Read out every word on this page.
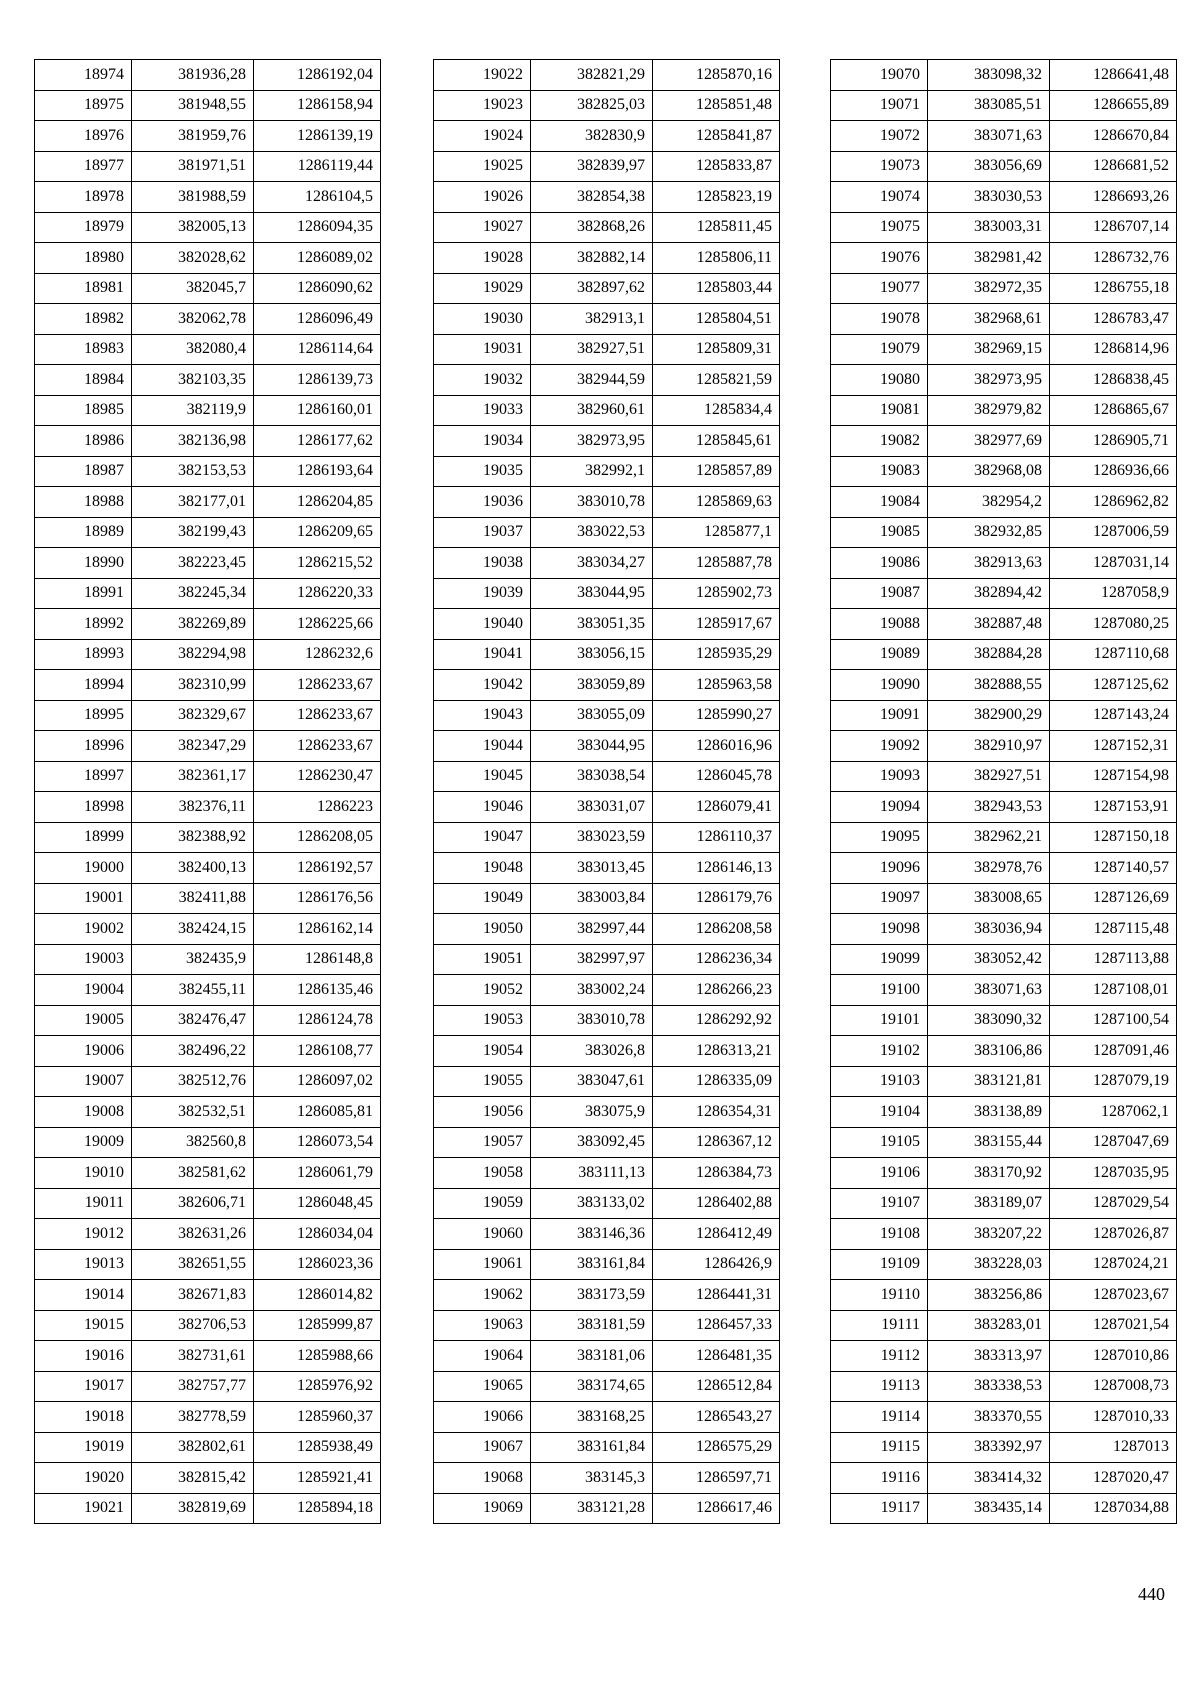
18974	381936,28	1286192,04
18975	381948,55	1286158,94
18976	381959,76	1286139,19
18977	381971,51	1286119,44
18978	381988,59	1286104,5
18979	382005,13	1286094,35
18980	382028,62	1286089,02
18981	382045,7	1286090,62
18982	382062,78	1286096,49
18983	382080,4	1286114,64
18984	382103,35	1286139,73
18985	382119,9	1286160,01
18986	382136,98	1286177,62
18987	382153,53	1286193,64
18988	382177,01	1286204,85
18989	382199,43	1286209,65
18990	382223,45	1286215,52
18991	382245,34	1286220,33
18992	382269,89	1286225,66
18993	382294,98	1286232,6
18994	382310,99	1286233,67
18995	382329,67	1286233,67
18996	382347,29	1286233,67
18997	382361,17	1286230,47
18998	382376,11	1286223
18999	382388,92	1286208,05
19000	382400,13	1286192,57
19001	382411,88	1286176,56
19002	382424,15	1286162,14
19003	382435,9	1286148,8
19004	382455,11	1286135,46
19005	382476,47	1286124,78
19006	382496,22	1286108,77
19007	382512,76	1286097,02
19008	382532,51	1286085,81
19009	382560,8	1286073,54
19010	382581,62	1286061,79
19011	382606,71	1286048,45
19012	382631,26	1286034,04
19013	382651,55	1286023,36
19014	382671,83	1286014,82
19015	382706,53	1285999,87
19016	382731,61	1285988,66
19017	382757,77	1285976,92
19018	382778,59	1285960,37
19019	382802,61	1285938,49
19020	382815,42	1285921,41
19021	382819,69	1285894,18
19022	382821,29	1285870,16
19023	382825,03	1285851,48
19024	382830,9	1285841,87
19025	382839,97	1285833,87
19026	382854,38	1285823,19
19027	382868,26	1285811,45
19028	382882,14	1285806,11
19029	382897,62	1285803,44
19030	382913,1	1285804,51
19031	382927,51	1285809,31
19032	382944,59	1285821,59
19033	382960,61	1285834,4
19034	382973,95	1285845,61
19035	382992,1	1285857,89
19036	383010,78	1285869,63
19037	383022,53	1285877,1
19038	383034,27	1285887,78
19039	383044,95	1285902,73
19040	383051,35	1285917,67
19041	383056,15	1285935,29
19042	383059,89	1285963,58
19043	383055,09	1285990,27
19044	383044,95	1286016,96
19045	383038,54	1286045,78
19046	383031,07	1286079,41
19047	383023,59	1286110,37
19048	383013,45	1286146,13
19049	383003,84	1286179,76
19050	382997,44	1286208,58
19051	382997,97	1286236,34
19052	383002,24	1286266,23
19053	383010,78	1286292,92
19054	383026,8	1286313,21
19055	383047,61	1286335,09
19056	383075,9	1286354,31
19057	383092,45	1286367,12
19058	383111,13	1286384,73
19059	383133,02	1286402,88
19060	383146,36	1286412,49
19061	383161,84	1286426,9
19062	383173,59	1286441,31
19063	383181,59	1286457,33
19064	383181,06	1286481,35
19065	383174,65	1286512,84
19066	383168,25	1286543,27
19067	383161,84	1286575,29
19068	383145,3	1286597,71
19069	383121,28	1286617,46
19070	383098,32	1286641,48
19071	383085,51	1286655,89
19072	383071,63	1286670,84
19073	383056,69	1286681,52
19074	383030,53	1286693,26
19075	383003,31	1286707,14
19076	382981,42	1286732,76
19077	382972,35	1286755,18
19078	382968,61	1286783,47
19079	382969,15	1286814,96
19080	382973,95	1286838,45
19081	382979,82	1286865,67
19082	382977,69	1286905,71
19083	382968,08	1286936,66
19084	382954,2	1286962,82
19085	382932,85	1287006,59
19086	382913,63	1287031,14
19087	382894,42	1287058,9
19088	382887,48	1287080,25
19089	382884,28	1287110,68
19090	382888,55	1287125,62
19091	382900,29	1287143,24
19092	382910,97	1287152,31
19093	382927,51	1287154,98
19094	382943,53	1287153,91
19095	382962,21	1287150,18
19096	382978,76	1287140,57
19097	383008,65	1287126,69
19098	383036,94	1287115,48
19099	383052,42	1287113,88
19100	383071,63	1287108,01
19101	383090,32	1287100,54
19102	383106,86	1287091,46
19103	383121,81	1287079,19
19104	383138,89	1287062,1
19105	383155,44	1287047,69
19106	383170,92	1287035,95
19107	383189,07	1287029,54
19108	383207,22	1287026,87
19109	383228,03	1287024,21
19110	383256,86	1287023,67
19111	383283,01	1287021,54
19112	383313,97	1287010,86
19113	383338,53	1287008,73
19114	383370,55	1287010,33
19115	383392,97	1287013
19116	383414,32	1287020,47
19117	383435,14	1287034,88
440
